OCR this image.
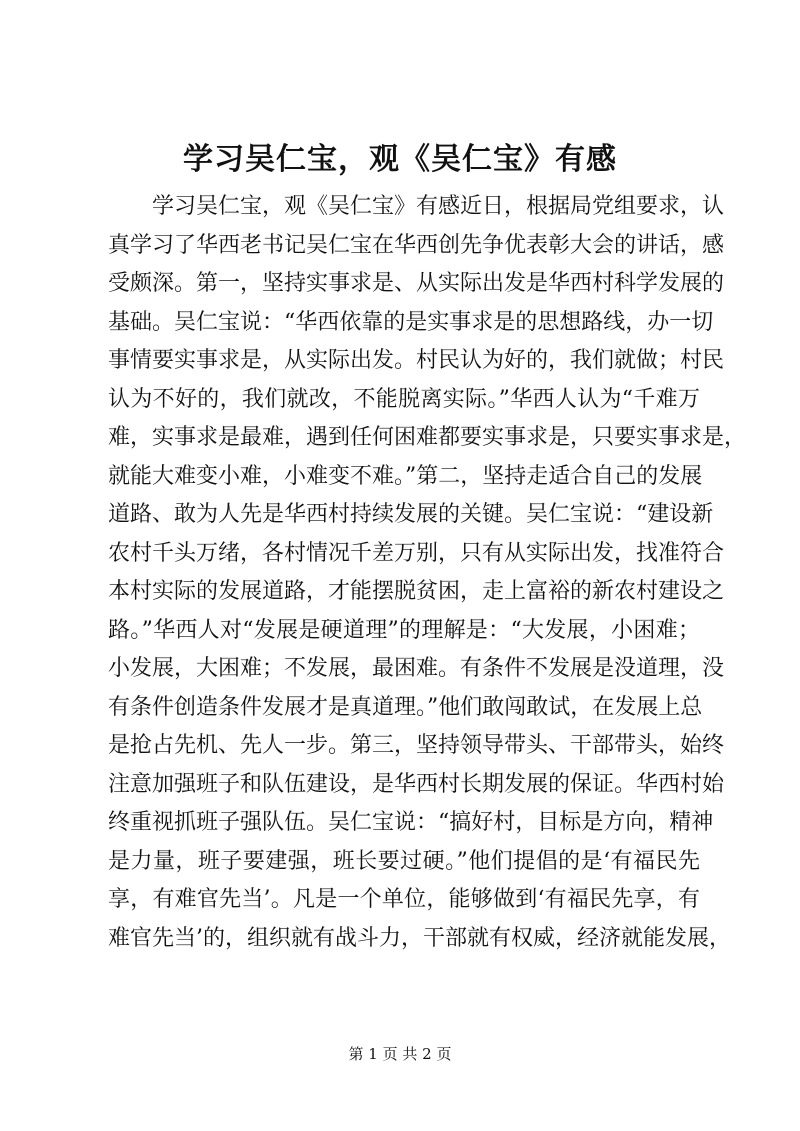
学习吴仁宝，观《吴仁宝》有感
学习吴仁宝，观《吴仁宝》有感近日，根据局党组要求，认
真学习了华西老书记吴仁宝在华西创先争优表彰大会的讲话，感
受颇深。第一，坚持实事求是、从实际出发是华西村科学发展的
基础。吴仁宝说：“华西依靠的是实事求是的思想路线，办一切
事情要实事求是，从实际出发。村民认为好的，我们就做；村民
认为不好的，我们就改，不能脱离实际。”华西人认为“千难万
难，实事求是最难，遇到任何困难都要实事求是，只要实事求是，
就能大难变小难，小难变不难。”第二，坚持走适合自己的发展
道路、敢为人先是华西村持续发展的关键。吴仁宝说：“建设新
农村千头万绪，各村情况千差万别，只有从实际出发，找准符合
本村实际的发展道路，才能摆脱贫困，走上富裕的新农村建设之
路。”华西人对“发展是硬道理”的理解是：“大发展，小困难；
小发展，大困难；不发展，最困难。有条件不发展是没道理，没
有条件创造条件发展才是真道理。”他们敢闯敢试，在发展上总
是抢占先机、先人一步。第三，坚持领导带头、干部带头，始终
注意加强班子和队伍建设，是华西村长期发展的保证。华西村始
终重视抓班子强队伍。吴仁宝说：“搞好村，目标是方向，精神
是力量，班子要建强，班长要过硬。”他们提倡的是‘有福民先
享，有难官先当’。凡是一个单位，能够做到‘有福民先享，有
难官先当’的，组织就有战斗力，干部就有权威，经济就能发展，
第 1 页 共 2 页
